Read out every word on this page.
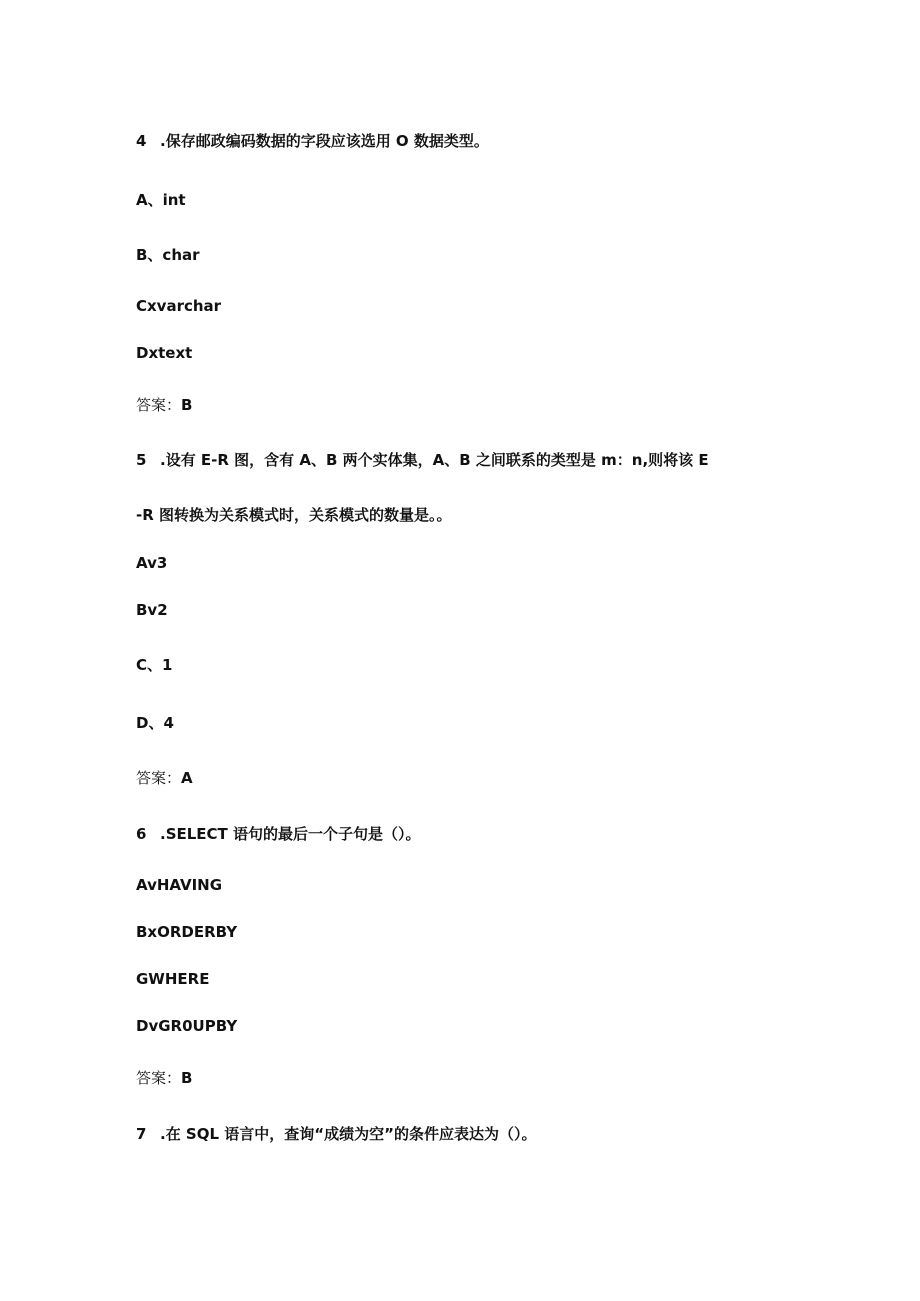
4 .保存邮政编码数据的字段应该选用 O 数据类型。
A、int
B、char
Cxvarchar
Dxtext
答案：B
5 .设有 E-R 图，含有 A、B 两个实体集，A、B 之间联系的类型是 m：n,则将该 E
-R 图转换为关系模式时，关系模式的数量是。。
Av3
Bv2
C、1
D、4
答案：A
6 .SELECT 语句的最后一个子句是（）。
AvHAVING
BxORDERBY
GWHERE
DvGR0UPBY
答案：B
7 .在 SQL 语言中，查询“成绩为空”的条件应表达为（）。
